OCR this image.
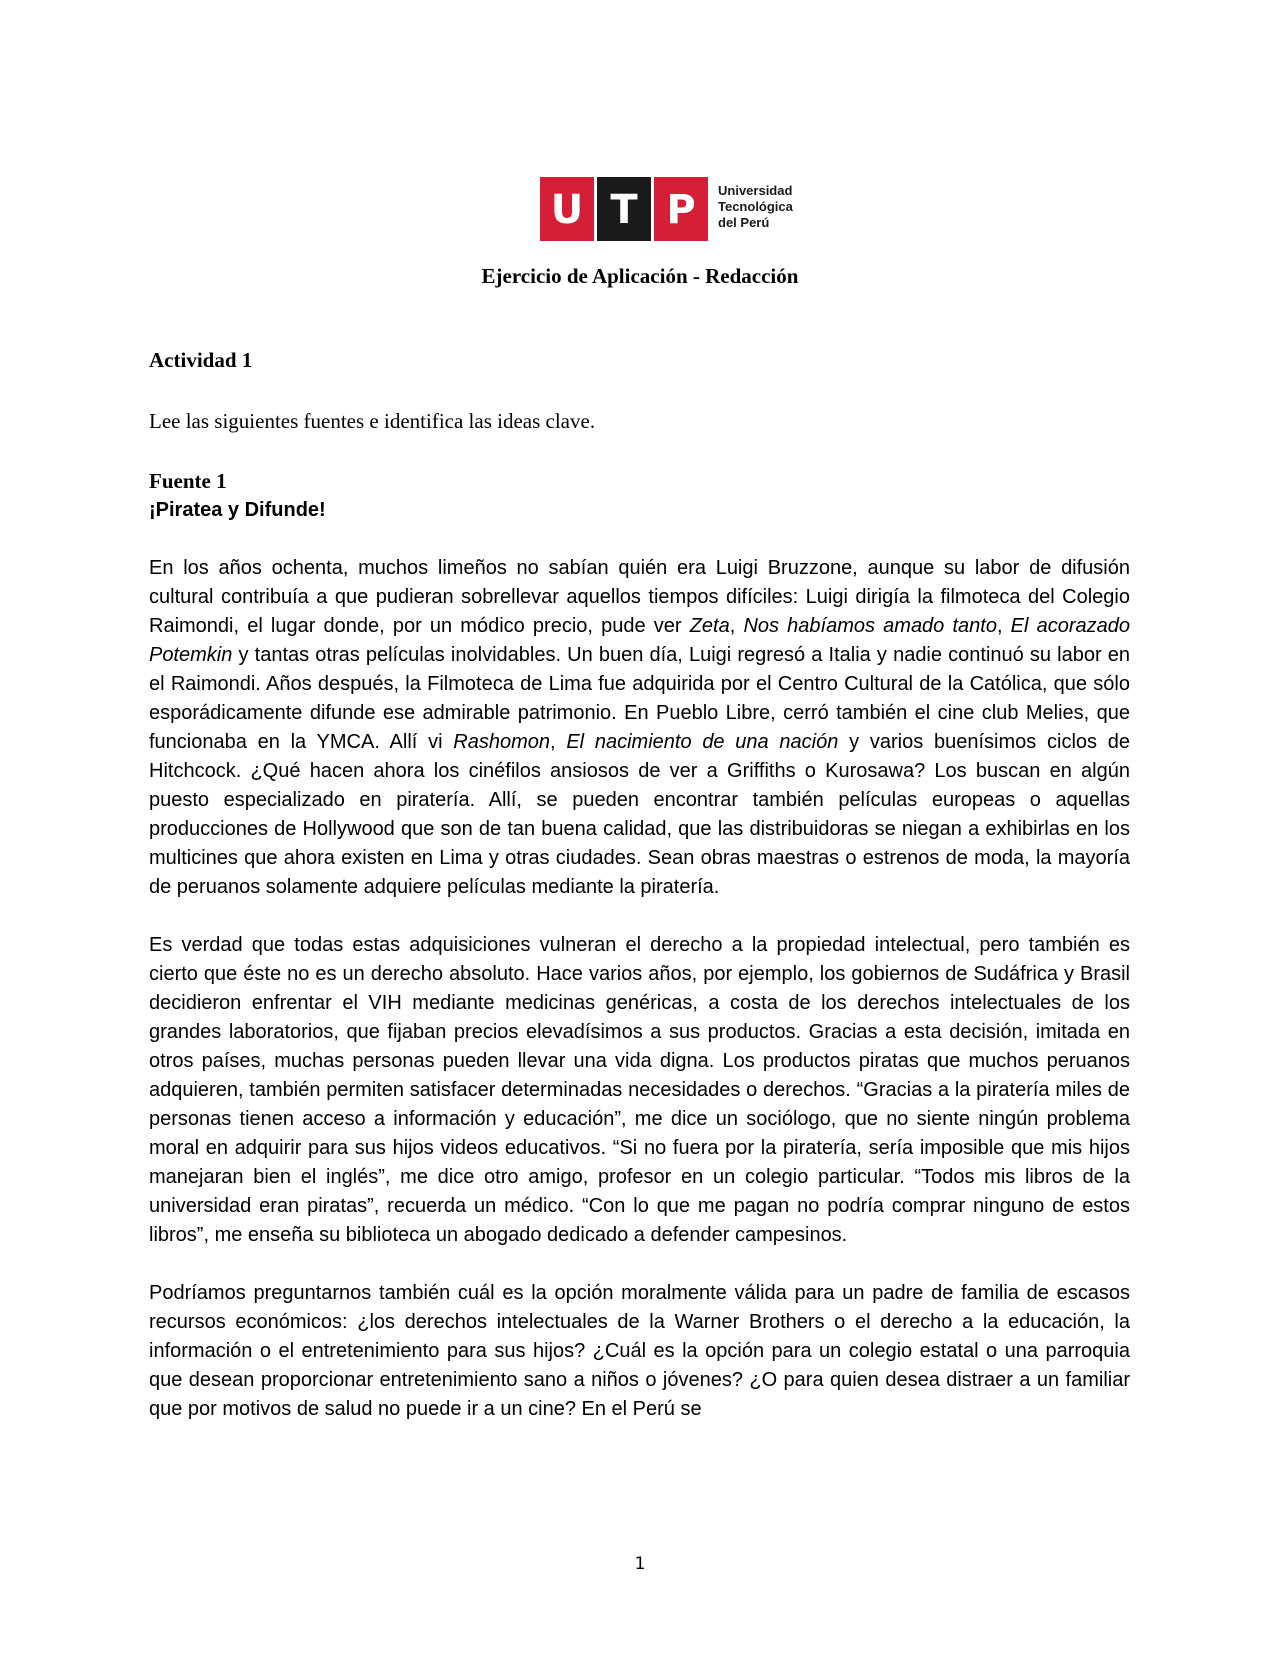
U T P Universidad
Tecnológica
del Perú
Ejercicio de Aplicación - Redacción

Actividad 1

Lee las siguientes fuentes e identifica las ideas clave.

Fuente 1

¡Piratea y Difunde!

En los años ochenta, muchos limeños no sabían quién era Luigi Bruzzone, aunque su labor de difusión cultural contribuía a que pudieran sobrellevar aquellos tiempos difíciles: Luigi dirigía la filmoteca del Colegio Raimondi, el lugar donde, por un módico precio, pude ver Zeta, Nos habíamos amado tanto, El acorazado Potemkin y tantas otras películas inolvidables. Un buen día, Luigi regresó a Italia y nadie continuó su labor en el Raimondi. Años después, la Filmoteca de Lima fue adquirida por el Centro Cultural de la Católica, que sólo esporádicamente difunde ese admirable patrimonio. En Pueblo Libre, cerró también el cine club Melies, que funcionaba en la YMCA. Allí vi Rashomon, El nacimiento de una nación y varios buenísimos ciclos de Hitchcock. ¿Qué hacen ahora los cinéfilos ansiosos de ver a Griffiths o Kurosawa? Los buscan en algún puesto especializado en piratería. Allí, se pueden encontrar también películas europeas o aquellas producciones de Hollywood que son de tan buena calidad, que las distribuidoras se niegan a exhibirlas en los multicines que ahora existen en Lima y otras ciudades. Sean obras maestras o estrenos de moda, la mayoría de peruanos solamente adquiere películas mediante la piratería.

Es verdad que todas estas adquisiciones vulneran el derecho a la propiedad intelectual, pero también es cierto que éste no es un derecho absoluto. Hace varios años, por ejemplo, los gobiernos de Sudáfrica y Brasil decidieron enfrentar el VIH mediante medicinas genéricas, a costa de los derechos intelectuales de los grandes laboratorios, que fijaban precios elevadísimos a sus productos. Gracias a esta decisión, imitada en otros países, muchas personas pueden llevar una vida digna. Los productos piratas que muchos peruanos adquieren, también permiten satisfacer determinadas necesidades o derechos. “Gracias a la piratería miles de personas tienen acceso a información y educación”, me dice un sociólogo, que no siente ningún problema moral en adquirir para sus hijos videos educativos. “Si no fuera por la piratería, sería imposible que mis hijos manejaran bien el inglés”, me dice otro amigo, profesor en un colegio particular. “Todos mis libros de la universidad eran piratas”, recuerda un médico. “Con lo que me pagan no podría comprar ninguno de estos libros”, me enseña su biblioteca un abogado dedicado a defender campesinos.

Podríamos preguntarnos también cuál es la opción moralmente válida para un padre de familia de escasos recursos económicos: ¿los derechos intelectuales de la Warner Brothers o el derecho a la educación, la información o el entretenimiento para sus hijos? ¿Cuál es la opción para un colegio estatal o una parroquia que desean proporcionar entretenimiento sano a niños o jóvenes? ¿O para quien desea distraer a un familiar que por motivos de salud no puede ir a un cine? En el Perú se

1
